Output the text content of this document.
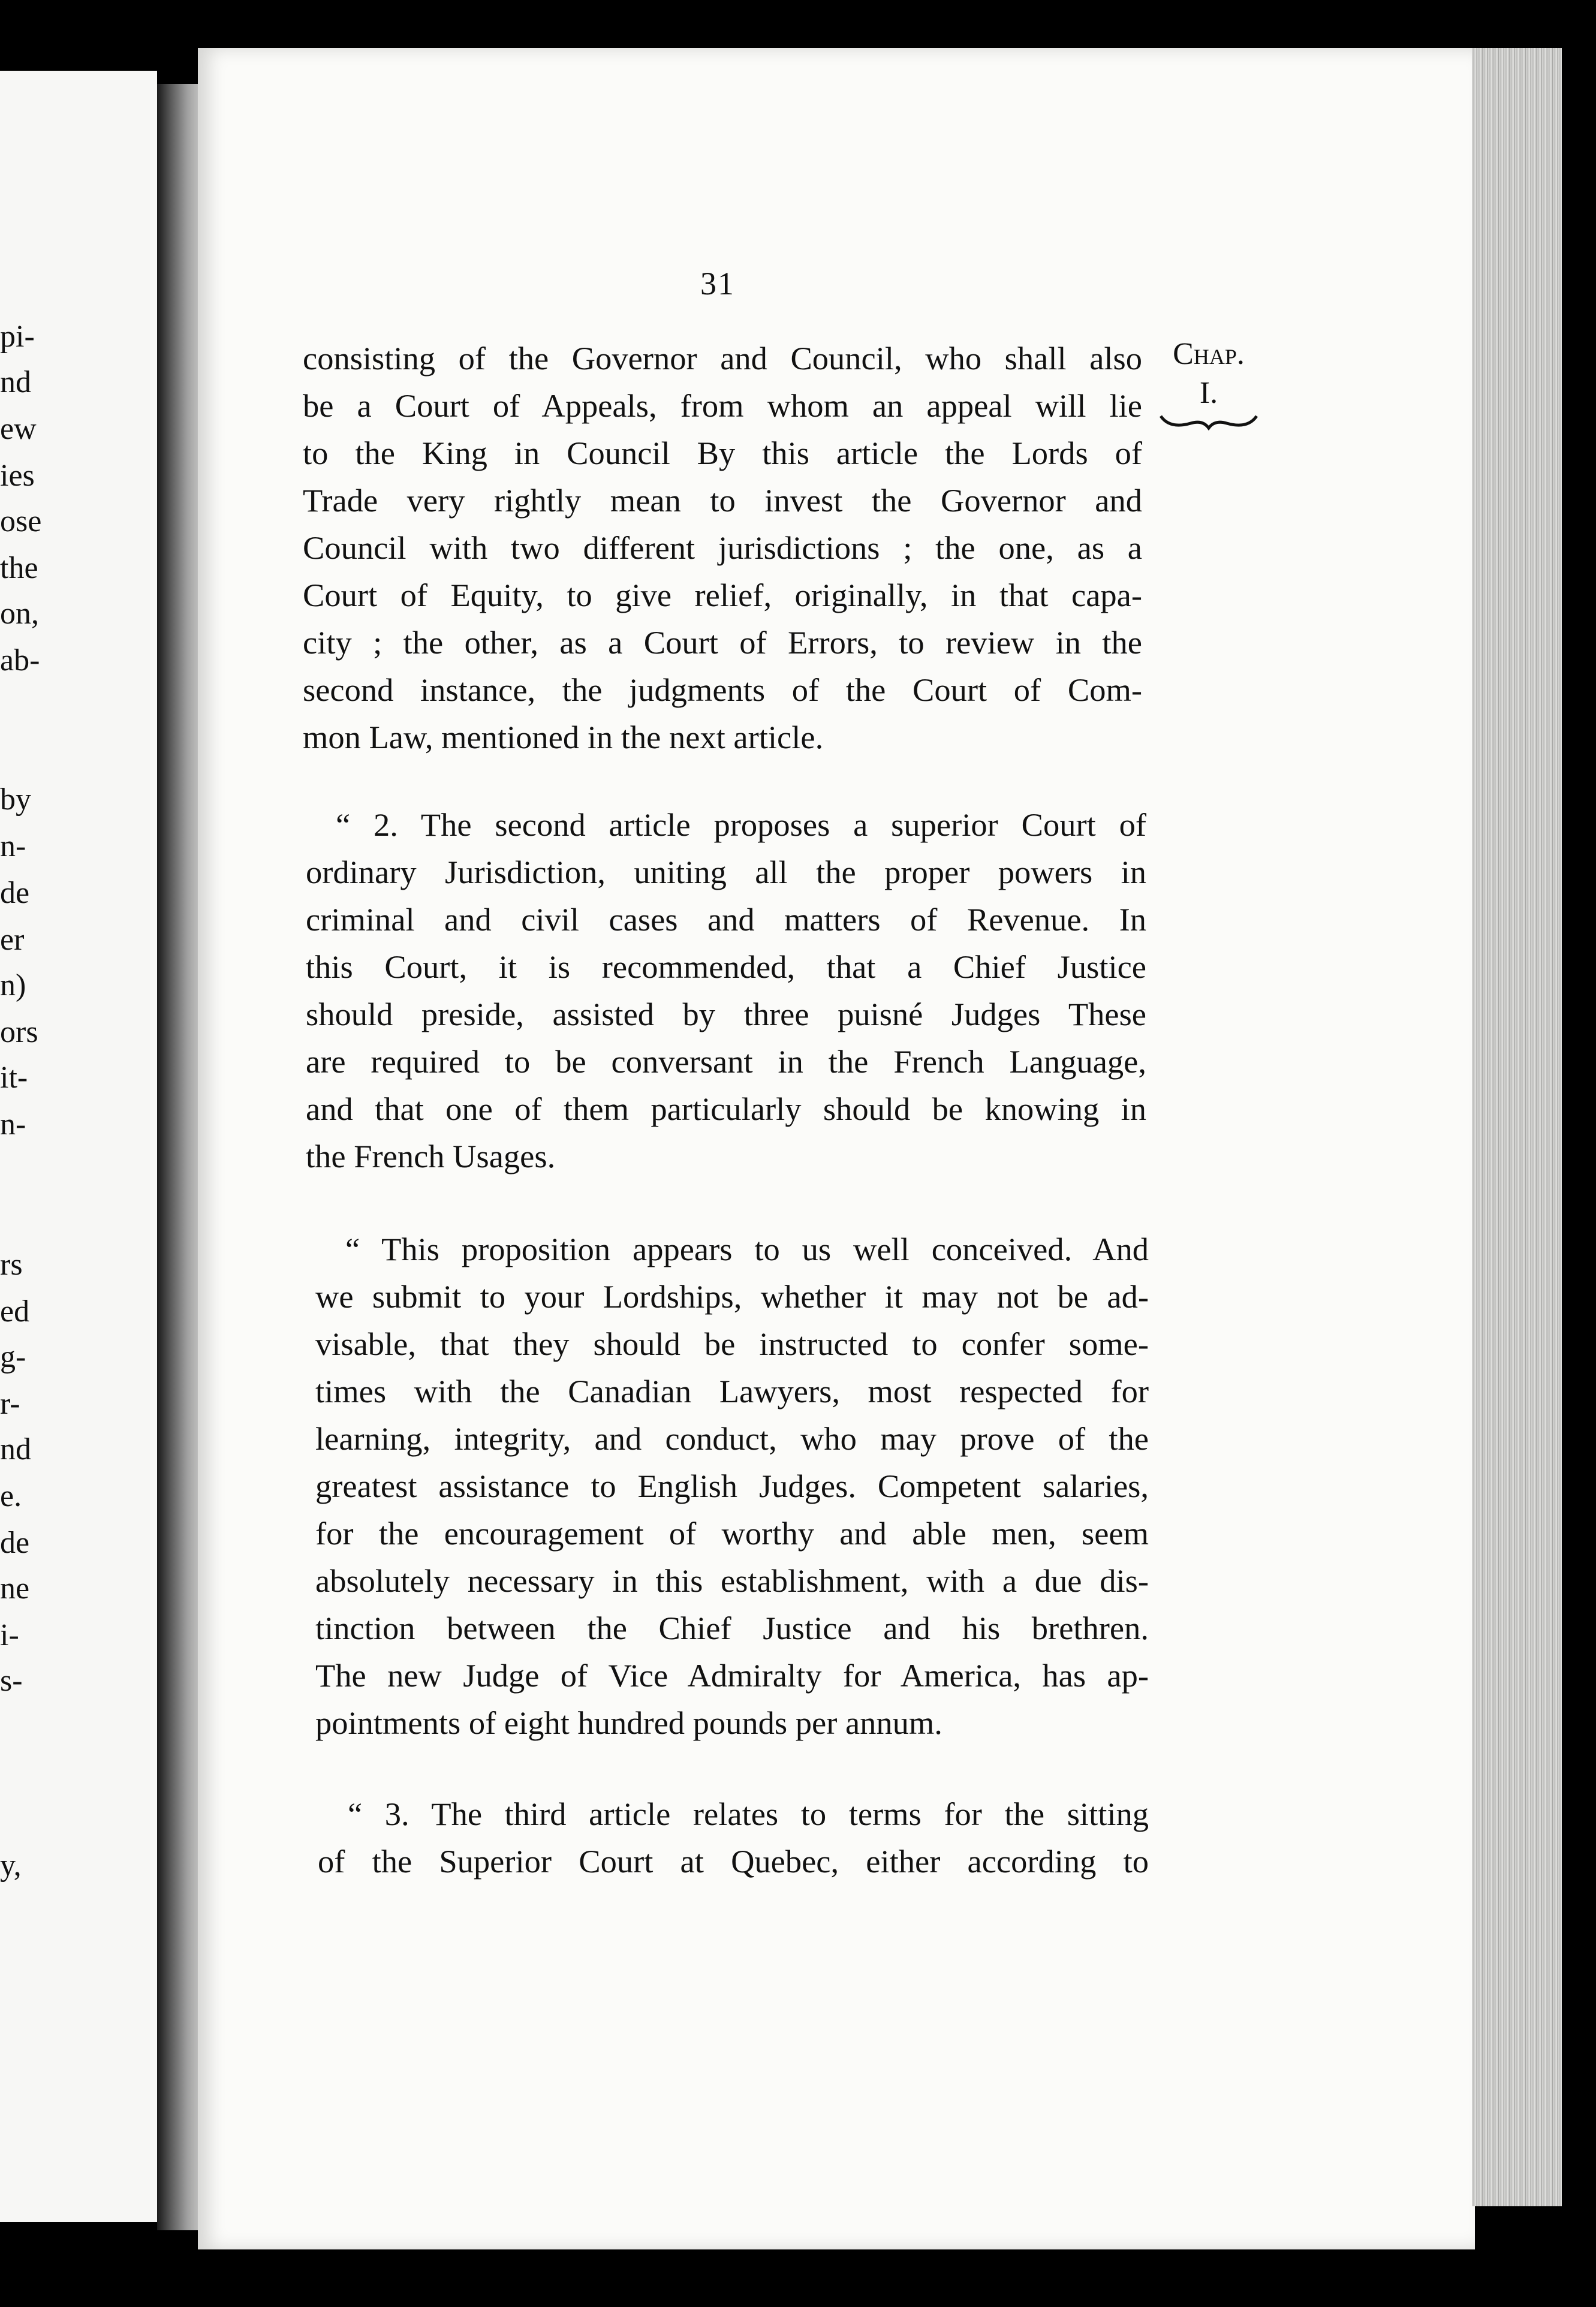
pi-
nd
ew
ies
ose
the
on,
ab-
by
n-
de
er
n)
ors
it-
n-
rs
ed
g-
r-
nd
e.
de
ne
i-
s-
y,
31
Chap.
I.
consisting of the Governor and Council, who shall also
be a Court of Appeals, from whom an appeal will lie
to the King in Council By this article the Lords of
Trade very rightly mean to invest the Governor and
Council with two different jurisdictions ; the one, as a
Court of Equity, to give relief, originally, in that capa-
city ; the other, as a Court of Errors, to review in the
second instance, the judgments of the Court of Com-
mon Law, mentioned in the next article.
“ 2. The second article proposes a superior Court of
ordinary Jurisdiction, uniting all the proper powers in
criminal and civil cases and matters of Revenue. In
this Court, it is recommended, that a Chief Justice
should preside, assisted by three puisné Judges These
are required to be conversant in the French Language,
and that one of them particularly should be knowing in
the French Usages.
“ This proposition appears to us well conceived. And
we submit to your Lordships, whether it may not be ad-
visable, that they should be instructed to confer some-
times with the Canadian Lawyers, most respected for
learning, integrity, and conduct, who may prove of the
greatest assistance to English Judges. Competent salaries,
for the encouragement of worthy and able men, seem
absolutely necessary in this establishment, with a due dis-
tinction between the Chief Justice and his brethren.
The new Judge of Vice Admiralty for America, has ap-
pointments of eight hundred pounds per annum.
“ 3. The third article relates to terms for the sitting
of the Superior Court at Quebec, either according to
